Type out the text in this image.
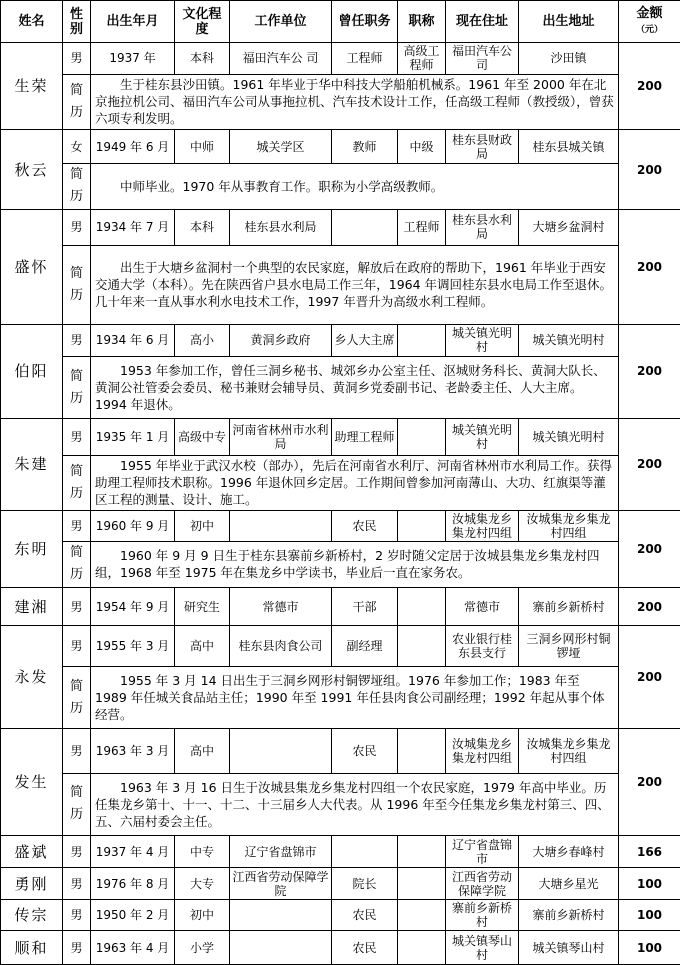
姓名	性别	出生年月	文化程度	工作单位	曾任职务	职称	现在住址	出生地址	金额
（元）
生荣	男	1937 年	本科	福田汽车公 司	工程师	高级工程师	福田汽车公司	沙田镇	200
	简历	生于桂东县沙田镇。1961 年毕业于华中科技大学船舶机械系。1961 年至 2000 年在北京拖拉机公司、福田汽车公司从事拖拉机、汽车技术设计工作，任高级工程师（教授级），曾获六项专利发明。							
秋云	女	1949 年 6 月	中师	城关学区	教师	中级	桂东县财政局	桂东县城关镇	200
	简历	中师毕业。1970 年从事教育工作。职称为小学高级教师。							
盛怀	男	1934 年 7 月	本科	桂东县水利局		工程师	桂东县水利局	大塘乡盆洞村	200
	简历	出生于大塘乡盆洞村一个典型的农民家庭，解放后在政府的帮助下，1961 年毕业于西安交通大学（本科）。先在陕西省户县水电局工作三年，1964 年调回桂东县水电局工作至退休。几十年来一直从事水利水电技术工作，1997 年晋升为高级水利工程师。							
伯阳	男	1934 年 6 月	高小	黄洞乡政府	乡人大主席		城关镇光明村	城关镇光明村	200
	简历	1953 年参加工作，曾任三洞乡秘书、城郊乡办公室主任、沤城财务科长、黄洞大队长、黄洞公社管委会委员、秘书兼财会辅导员、黄洞乡党委副书记、老龄委主任、人大主席。1994 年退休。							
朱建	男	1935 年 1 月	高级中专	河南省林州市水利局	助理工程师		城关镇光明村	城关镇光明村	200
	简历	1955 年毕业于武汉水校（部办），先后在河南省水利厅、河南省林州市水利局工作。获得助理工程师技术职称。1996 年退休回乡定居。工作期间曾参加河南薄山、大功、红旗渠等灌区工程的测量、设计、施工。							
东明	男	1960 年 9 月	初中		农民		汝城集龙乡集龙村四组	汝城集龙乡集龙村四组	200
	简历	1960 年 9 月 9 日生于桂东县寨前乡新桥村，2 岁时随父定居于汝城县集龙乡集龙村四组，1968 年至 1975 年在集龙乡中学读书，毕业后一直在家务农。							
建湘	男	1954 年 9 月	研究生	常德市	干部		常德市	寨前乡新桥村	200
永发	男	1955 年 3 月	高中	桂东县肉食公司	副经理		农业银行桂东县支行	三洞乡网形村铜锣垭	200
	简历	1955 年 3 月 14 日出生于三洞乡网形村铜锣垭组。1976 年参加工作；1983 年至 1989 年任城关食品站主任；1990 年至 1991 年任县肉食公司副经理；1992 年起从事个体经营。							
发生	男	1963 年 3 月	高中		农民		汝城集龙乡集龙村四组	汝城集龙乡集龙村四组	200
	简历	1963 年 3 月 16 日生于汝城县集龙乡集龙村四组一个农民家庭，1979 年高中毕业。历任集龙乡第十、十一、十二、十三届乡人大代表。从 1996 年至今任集龙乡集龙村第三、四、五、六届村委会主任。							
盛斌	男	1937 年 4 月	中专	辽宁省盘锦市			辽宁省盘锦市	大塘乡春峰村	166
勇刚	男	1976 年 8 月	大专	江西省劳动保障学院	院长		江西省劳动保障学院	大塘乡星光	100
传宗	男	1950 年 2 月	初中		农民		寨前乡新桥村	寨前乡新桥村	100
顺和	男	1963 年 4 月	小学		农民		城关镇琴山村	城关镇琴山村	100
